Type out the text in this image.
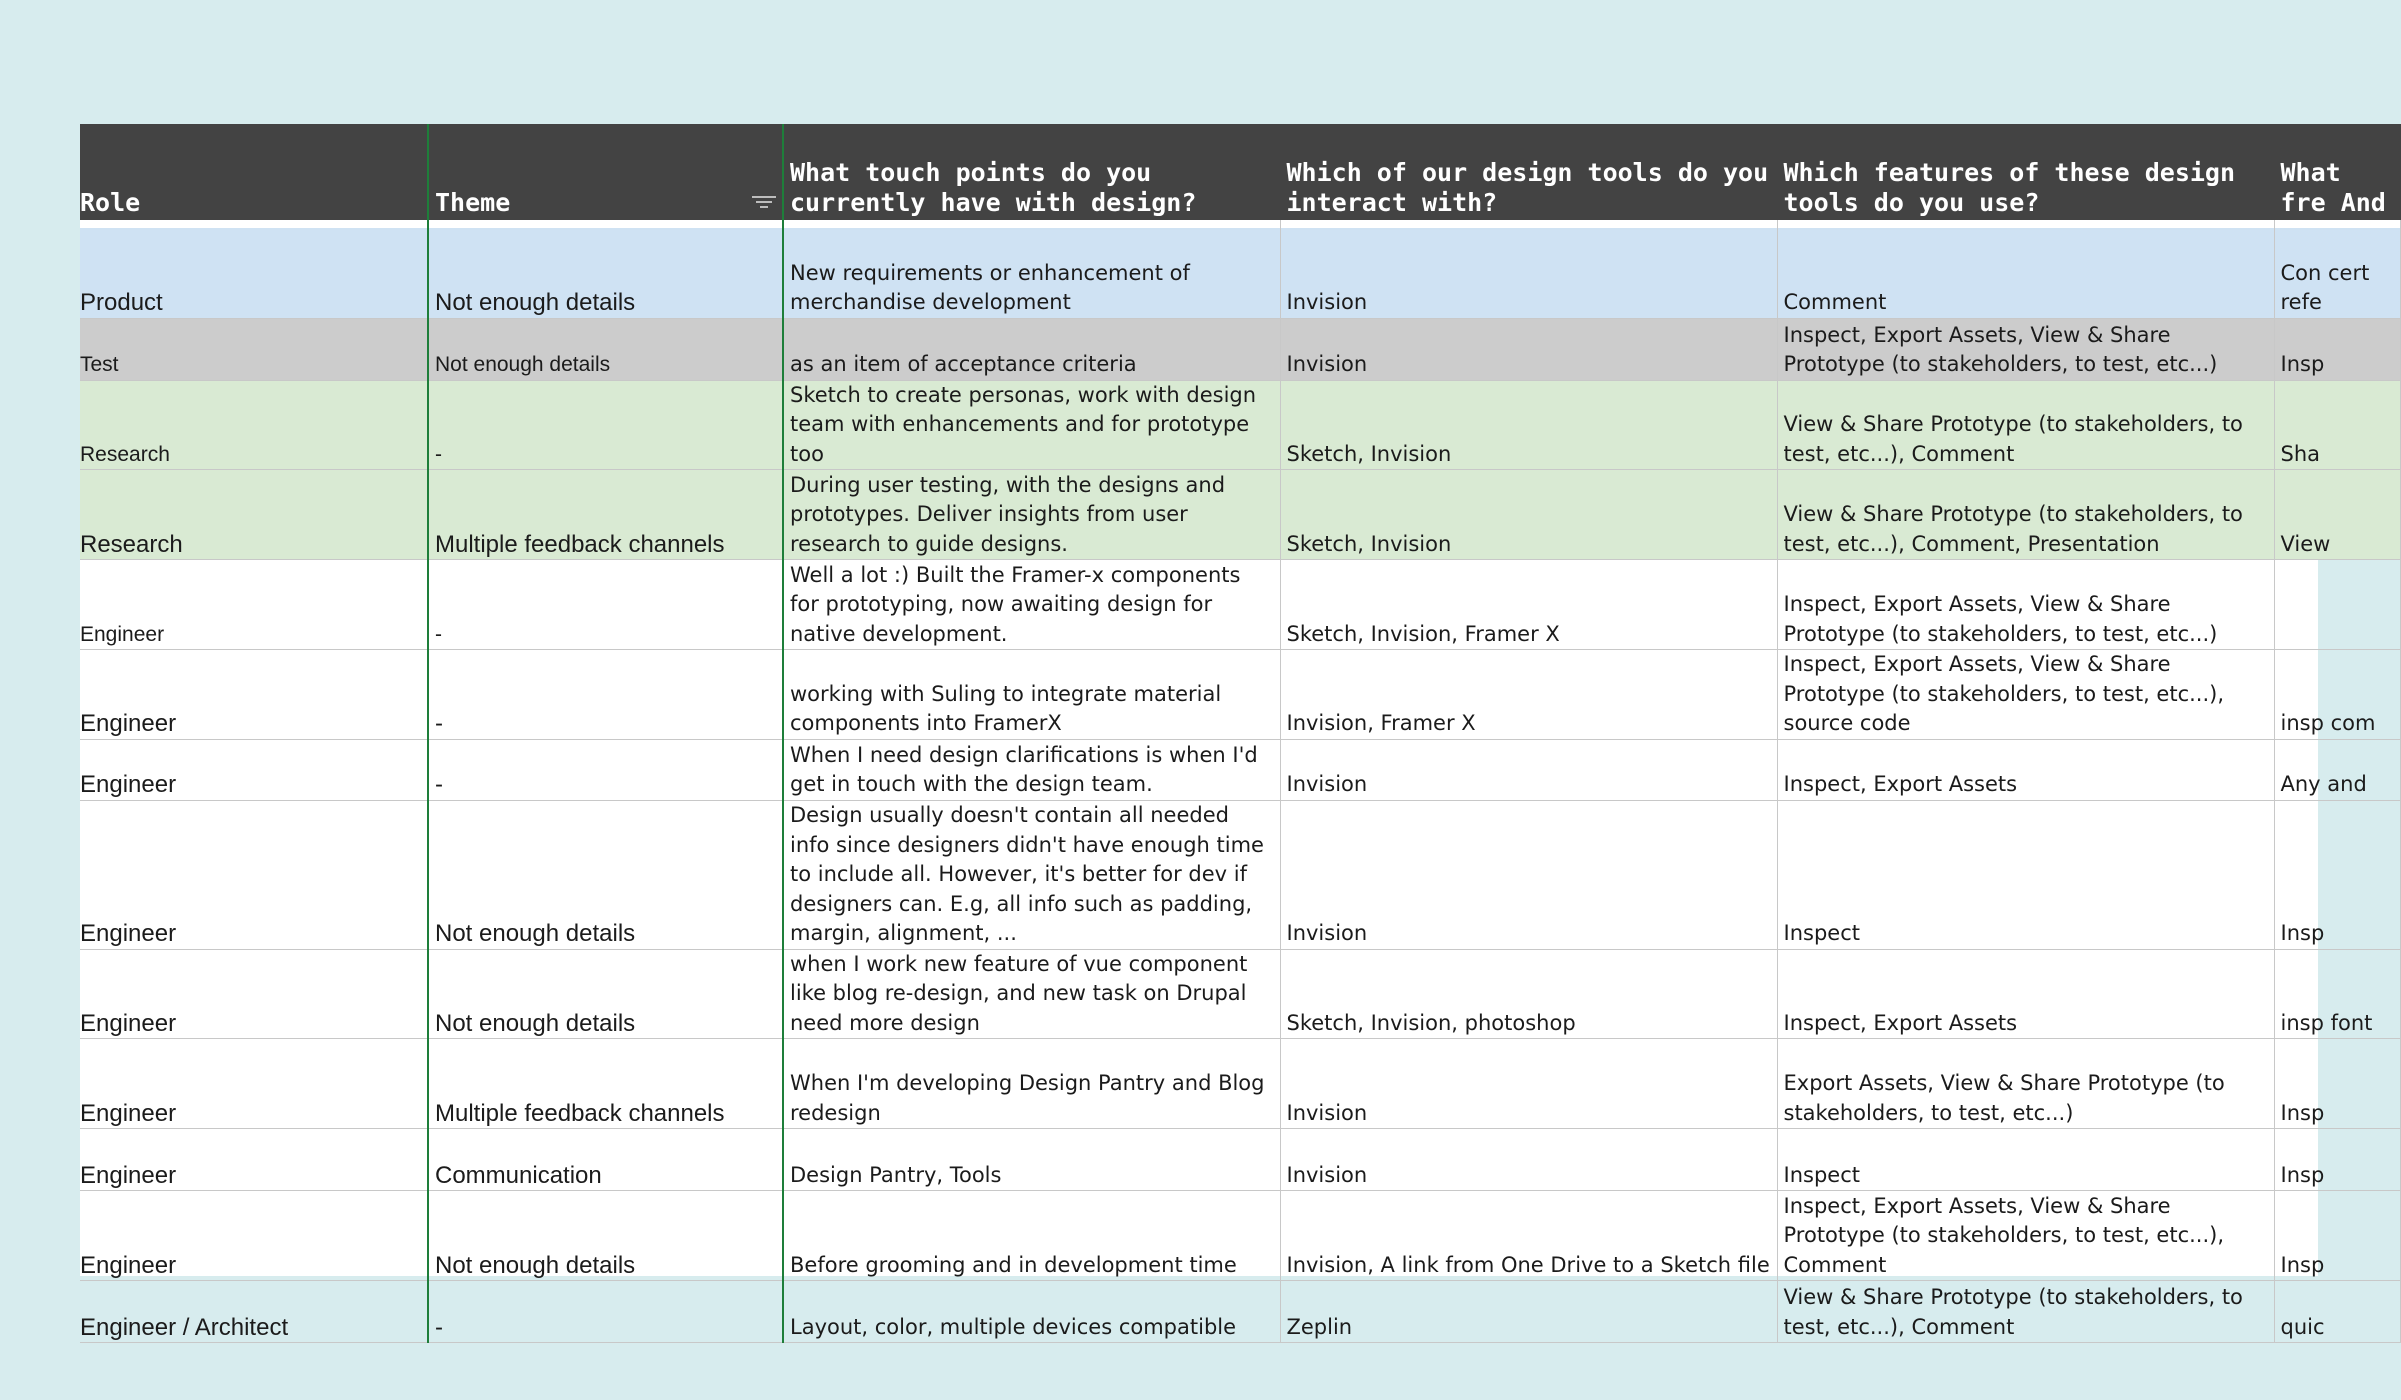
Role	Theme	What touch points do you currently have with design?	Which of our design tools do you interact with?	Which features of these design tools do you use?	What fre And

Product	Not enough details	New requirements or enhancement of merchandise development	Invision	Comment	Con cert refe
Test	Not enough details	as an item of acceptance criteria	Invision	Inspect, Export Assets, View & Share Prototype (to stakeholders, to test, etc...)	Insp
Research	-	Sketch to create personas, work with design team with enhancements and for prototype too	Sketch, Invision	View & Share Prototype (to stakeholders, to test, etc...), Comment	Sha
Research	Multiple feedback channels	During user testing, with the designs and prototypes. Deliver insights from user research to guide designs.	Sketch, Invision	View & Share Prototype (to stakeholders, to test, etc...), Comment, Presentation	View
Engineer	-	Well a lot :) Built the Framer-x components for prototyping, now awaiting design for native development.	Sketch, Invision, Framer X	Inspect, Export Assets, View & Share Prototype (to stakeholders, to test, etc...)	
Engineer	-	working with Suling to integrate material components into FramerX	Invision, Framer X	Inspect, Export Assets, View & Share Prototype (to stakeholders, to test, etc...), source code	insp com
Engineer	-	When I need design clarifications is when I'd get in touch with the design team.	Invision	Inspect, Export Assets	Any and
Engineer	Not enough details	Design usually doesn't contain all needed info since designers didn't have enough time to include all. However, it's better for dev if designers can. E.g, all info such as padding, margin, alignment, ...	Invision	Inspect	Insp
Engineer	Not enough details	when I work new feature of vue component like blog re-design, and new task on Drupal need more design	Sketch, Invision, photoshop	Inspect, Export Assets	insp font
Engineer	Multiple feedback channels	When I'm developing Design Pantry and Blog redesign	Invision	Export Assets, View & Share Prototype (to stakeholders, to test, etc...)	Insp
Engineer	Communication	Design Pantry, Tools	Invision	Inspect	Insp
Engineer	Not enough details	Before grooming and in development time	Invision, A link from One Drive to a Sketch file	Inspect, Export Assets, View & Share Prototype (to stakeholders, to test, etc...), Comment	Insp
Engineer / Architect	-	Layout, color, multiple devices compatible	Zeplin	View & Share Prototype (to stakeholders, to test, etc...), Comment	quic
